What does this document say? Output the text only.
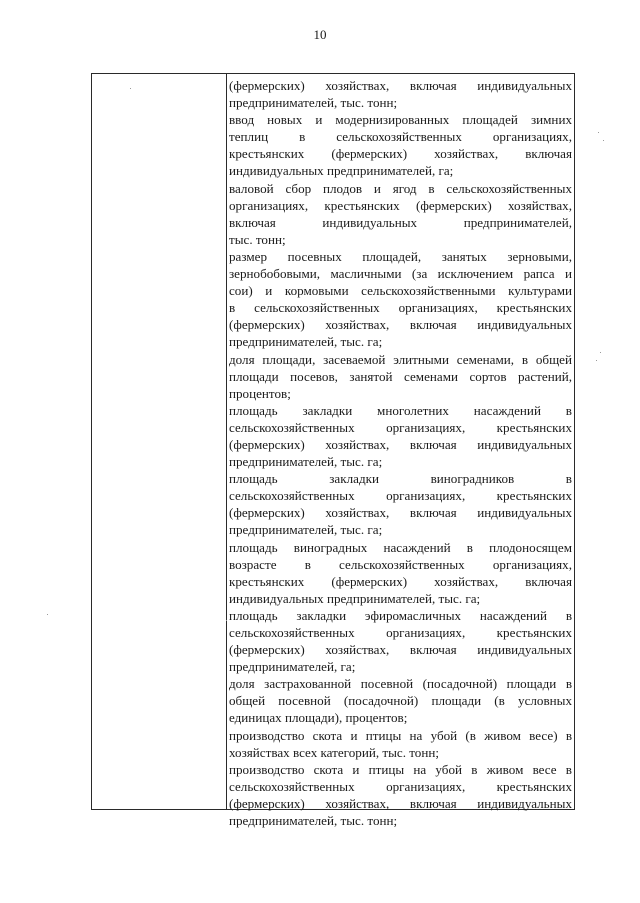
10
(фермерских) хозяйствах, включая индивидуальных
предпринимателей, тыс. тонн;
ввод новых и модернизированных площадей зимних
теплиц в сельскохозяйственных организациях,
крестьянских (фермерских) хозяйствах, включая
индивидуальных предпринимателей, га;
валовой сбор плодов и ягод в сельскохозяйственных
организациях, крестьянских (фермерских) хозяйствах,
включая индивидуальных предпринимателей,
тыс. тонн;
размер посевных площадей, занятых зерновыми,
зернобобовыми, масличными (за исключением рапса и
сои) и кормовыми сельскохозяйственными культурами
в сельскохозяйственных организациях, крестьянских
(фермерских) хозяйствах, включая индивидуальных
предпринимателей, тыс. га;
доля площади, засеваемой элитными семенами, в общей
площади посевов, занятой семенами сортов растений,
процентов;
площадь закладки многолетних насаждений в
сельскохозяйственных организациях, крестьянских
(фермерских) хозяйствах, включая индивидуальных
предпринимателей, тыс. га;
площадь закладки виноградников в
сельскохозяйственных организациях, крестьянских
(фермерских) хозяйствах, включая индивидуальных
предпринимателей, тыс. га;
площадь виноградных насаждений в плодоносящем
возрасте в сельскохозяйственных организациях,
крестьянских (фермерских) хозяйствах, включая
индивидуальных предпринимателей, тыс. га;
площадь закладки эфиромасличных насаждений в
сельскохозяйственных организациях, крестьянских
(фермерских) хозяйствах, включая индивидуальных
предпринимателей, га;
доля застрахованной посевной (посадочной) площади в
общей посевной (посадочной) площади (в условных
единицах площади), процентов;
производство скота и птицы на убой (в живом весе) в
хозяйствах всех категорий, тыс. тонн;
производство скота и птицы на убой в живом весе в
сельскохозяйственных организациях, крестьянских
(фермерских) хозяйствах, включая индивидуальных
предпринимателей, тыс. тонн;
